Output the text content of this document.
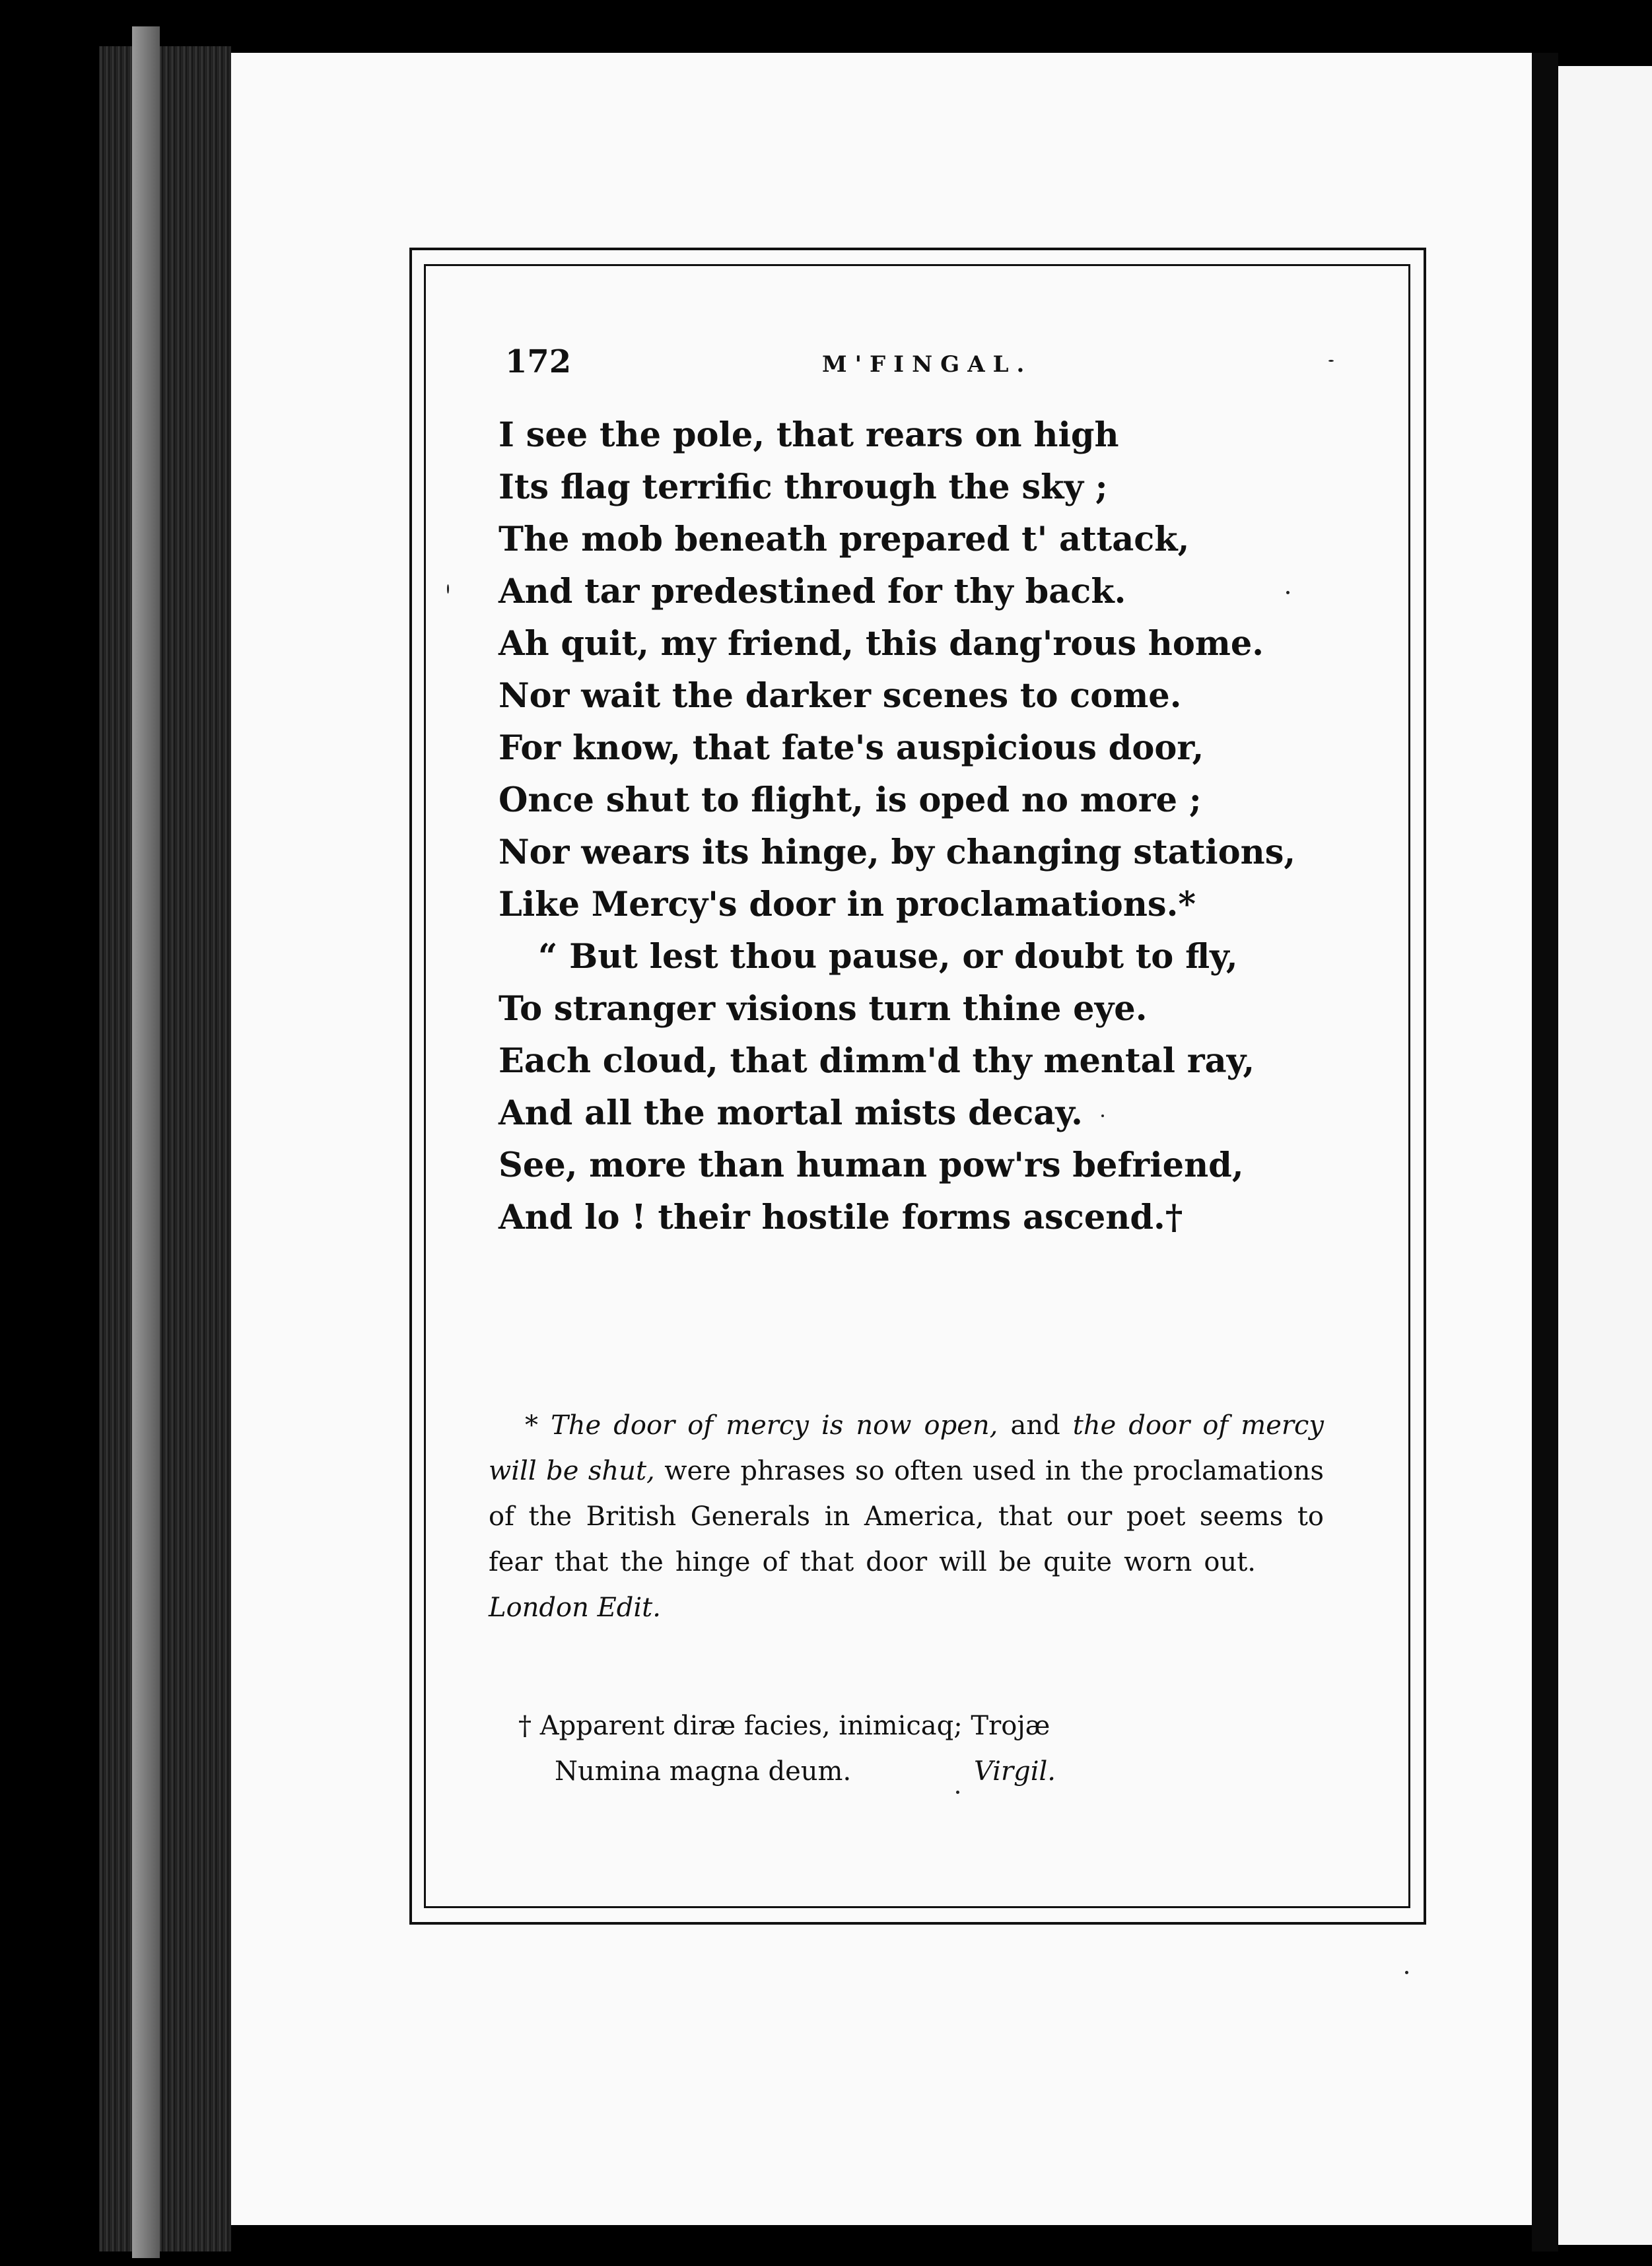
172	M'FINGAL.
I see the pole, that rears on high
Its flag terrific through the sky ;
The mob beneath prepared t' attack,
And tar predestined for thy back.
Ah quit, my friend, this dang'rous home.
Nor wait the darker scenes to come.
For know, that fate's auspicious door,
Once shut to flight, is oped no more ;
Nor wears its hinge, by changing stations,
Like Mercy's door in proclamations.*
“ But lest thou pause, or doubt to fly,
To stranger visions turn thine eye.
Each cloud, that dimm'd thy mental ray,
And all the mortal mists decay.
See, more than human pow'rs befriend,
And lo ! their hostile forms ascend.†
* The door of mercy is now open, and the door of mercy will be shut, were phrases so often used in the proclamations of the British Generals in America, that our poet seems to fear that the hinge of that door will be quite worn out.       London Edit.
† Apparent diræ facies, inimicaq; Trojæ
Numina magna deum.	Virgil.
